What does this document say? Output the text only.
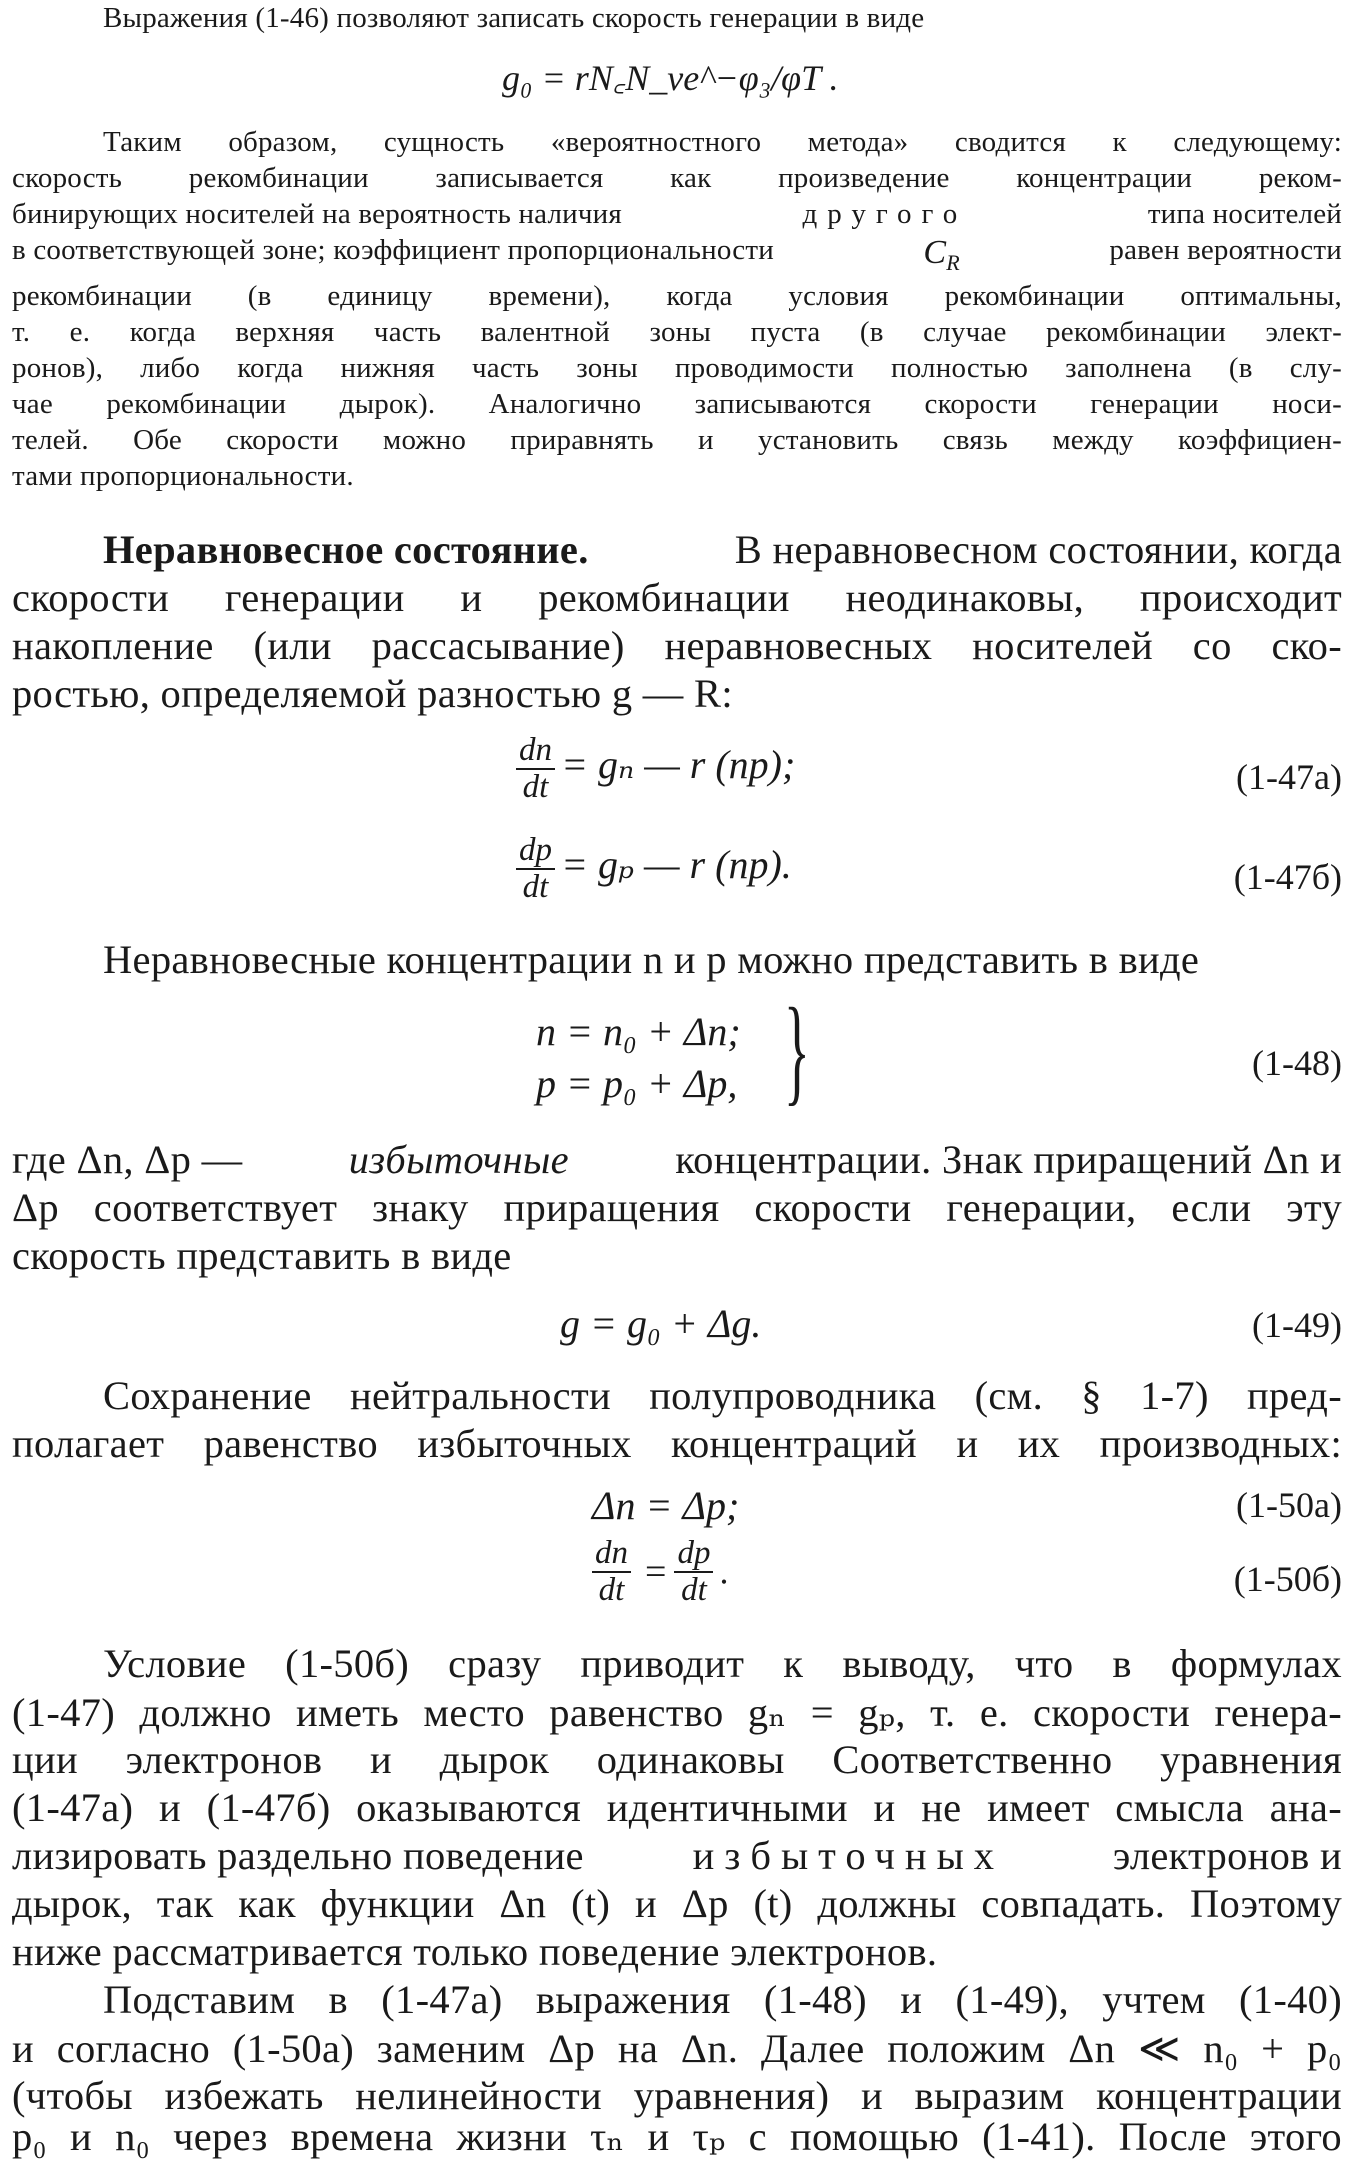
Выражения (1-46) позволяют записать скорость генерации в виде
g₀ = rN꜀N_ve^−φ₃/φT .
Таким образом, сущность «вероятностного метода» сводится к следующему:
скорость рекомбинации записывается как произведение концентрации реком-
бинирующих носителей на вероятность наличия	другого	типа носителей
в соответствующей зоне; коэффициент пропорциональности	$C_R$	равен вероятности
рекомбинации (в единицу времени), когда условия рекомбинации оптимальны,
т. е. когда верхняя часть валентной зоны пуста (в случае рекомбинации элект-
ронов), либо когда нижняя часть зоны проводимости полностью заполнена (в слу-
чае рекомбинации дырок). Аналогично записываются скорости генерации носи-
телей. Обе скорости можно приравнять и установить связь между коэффициен-
тами пропорциональности.
Неравновесное состояние.	В неравновесном состоянии, когда
скорости генерации и рекомбинации неодинаковы, происходит
накопление (или рассасывание) неравновесных носителей со ско-
ростью, определяемой разностью g — R:
$\frac{dn}{dt} = g_n$ — r (np);	(1-47а)
$\frac{dp}{dt} = g_p$ — r (np).	(1-47б)
Неравновесные концентрации n и p можно представить в виде
n = n₀ + Δn;
p = p₀ + Δp, }	(1-48)
где Δn, Δp —	избыточные	концентрации. Знак приращений Δn и
Δp соответствует знаку приращения скорости генерации, если эту
скорость представить в виде
g = g₀ + Δg.	(1-49)
Сохранение нейтральности полупроводника (см. § 1-7) пред-
полагает равенство избыточных концентраций и их производных:
Δn = Δp;	(1-50а)
$\frac{dn}{dt} = \frac{dp}{dt}$ .	(1-50б)
Условие (1-50б) сразу приводит к выводу, что в формулах
(1-47) должно иметь место равенство gₙ = gₚ, т. е. скорости генера-
ции электронов и дырок одинаковы Соответственно уравнения
(1-47а) и (1-47б) оказываются идентичными и не имеет смысла ана-
лизировать раздельно поведение	избыточных	электронов и
дырок, так как функции Δn (t) и Δp (t) должны совпадать. Поэтому
ниже рассматривается только поведение электронов.
Подставим в (1-47а) выражения (1-48) и (1-49), учтем (1-40)
и согласно (1-50а) заменим Δp на Δn. Далее положим Δn ≪ n₀ + p₀
(чтобы избежать нелинейности уравнения) и выразим концентрации
p₀ и n₀ через времена жизни τₙ и τₚ с помощью (1-41). После этого
